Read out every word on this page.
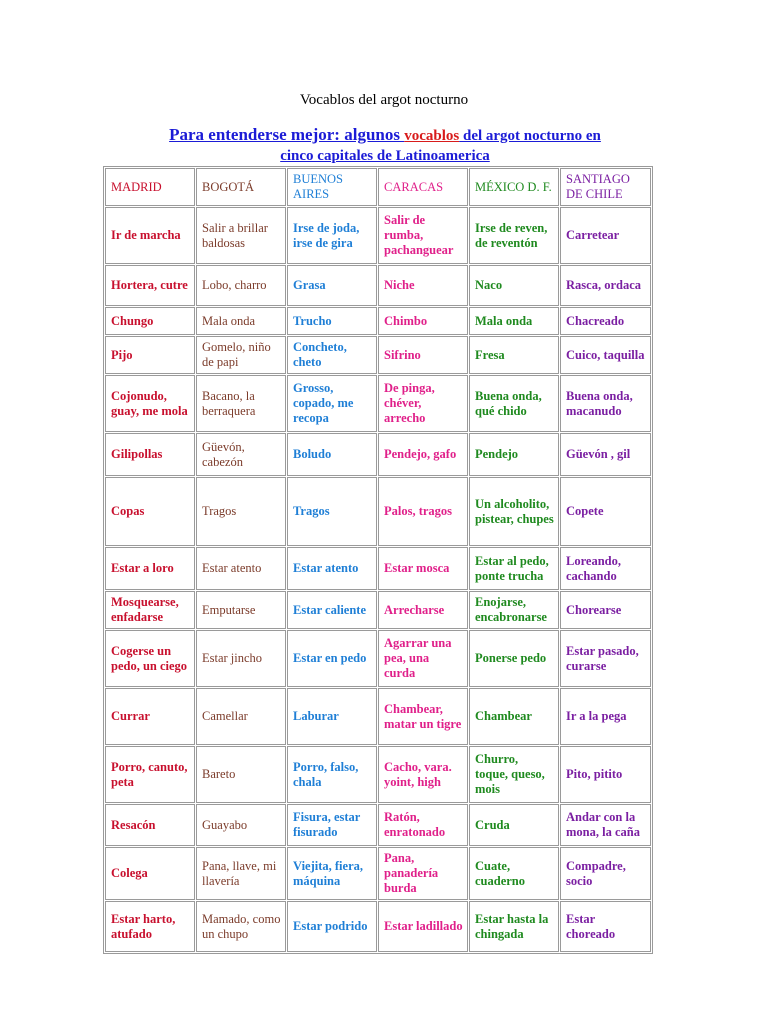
Vocablos del argot nocturno
Para entenderse mejor: algunos vocablos del argot nocturno en cinco capitales de Latinoamerica
MADRID	BOGOTÁ	BUENOS AIRES	CARACAS	MÉXICO D. F.	SANTIAGO DE CHILE
Ir de marcha	Salir a brillar baldosas	Irse de joda, irse de gira	Salir de rumba, pachanguear	Irse de reven, de reventón	Carretear
Hortera, cutre	Lobo, charro	Grasa	Niche	Naco	Rasca, ordaca
Chungo	Mala onda	Trucho	Chimbo	Mala onda	Chacreado
Pijo	Gomelo, niño de papi	Concheto, cheto	Sifrino	Fresa	Cuico, taquilla
Cojonudo, guay, me mola	Bacano, la berraquera	Grosso, copado, me recopa	De pinga, chéver, arrecho	Buena onda, qué chido	Buena onda, macanudo
Gilipollas	Güevón, cabezón	Boludo	Pendejo, gafo	Pendejo	Güevón , gil
Copas	Tragos	Tragos	Palos, tragos	Un alcoholito, pistear, chupes	Copete
Estar a loro	Estar atento	Estar atento	Estar mosca	Estar al pedo, ponte trucha	Loreando, cachando
Mosquearse, enfadarse	Emputarse	Estar caliente	Arrecharse	Enojarse, encabronarse	Chorearse
Cogerse un pedo, un ciego	Estar jincho	Estar en pedo	Agarrar una pea, una curda	Ponerse pedo	Estar pasado, curarse
Currar	Camellar	Laburar	Chambear, matar un tigre	Chambear	Ir a la pega
Porro, canuto, peta	Bareto	Porro, falso, chala	Cacho, vara. yoint, high	Churro, toque, queso, mois	Pito, pitito
Resacón	Guayabo	Fisura, estar fisurado	Ratón, enratonado	Cruda	Andar con la mona, la caña
Colega	Pana, llave, mi llavería	Viejita, fiera, máquina	Pana, panadería burda	Cuate, cuaderno	Compadre, socio
Estar harto, atufado	Mamado, como un chupo	Estar podrido	Estar ladillado	Estar hasta la chingada	Estar choreado
